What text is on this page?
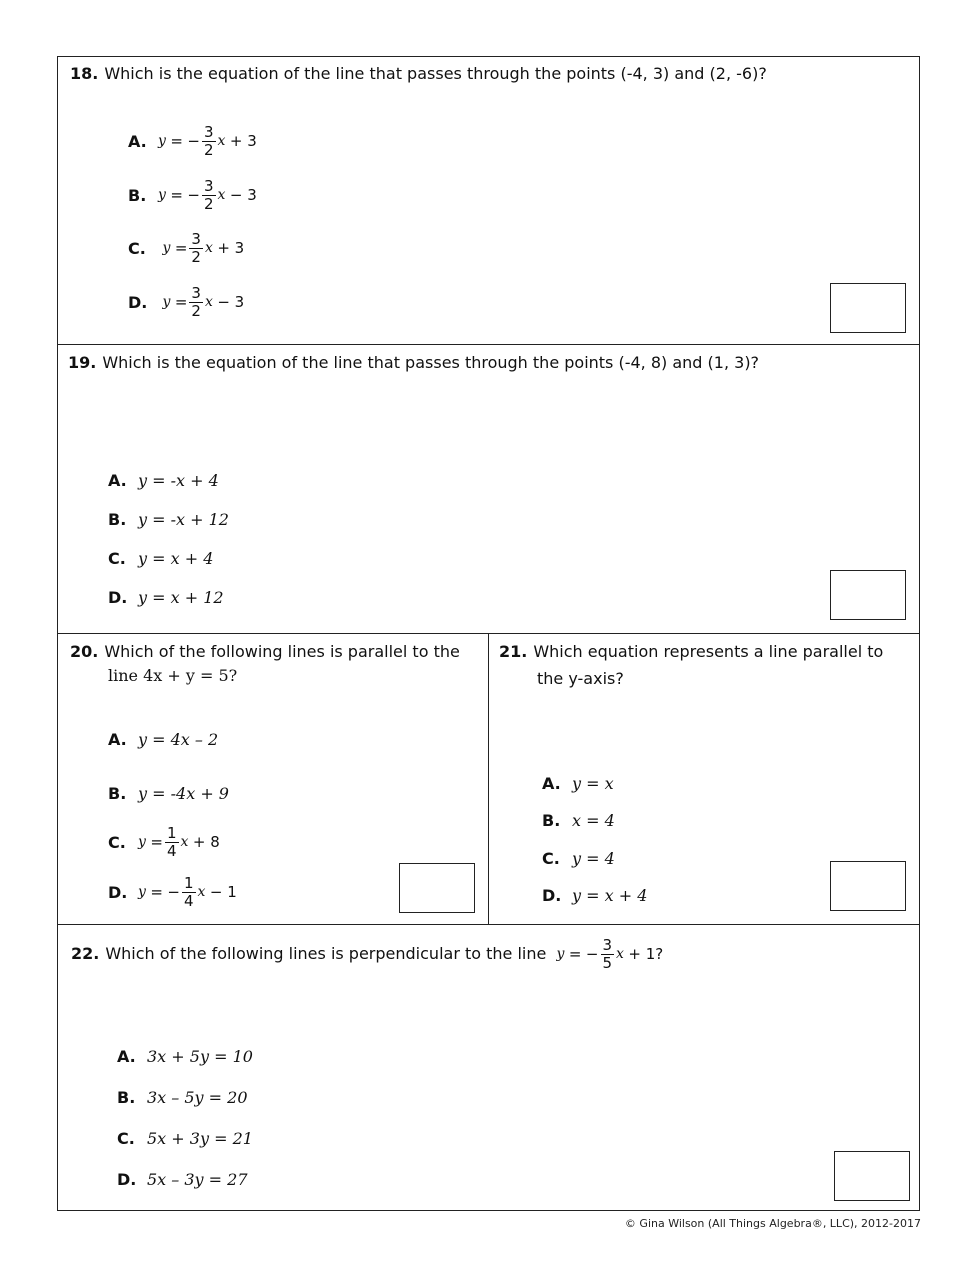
18. Which is the equation of the line that passes through the points (-4, 3) and (2, -6)?
A. y
=
− $\frac{3}{2}$ x
+ 3
B. y
=
− $\frac{3}{2}$ x
− 3
C.
	y
= $\frac{3}{2}$ x
+ 3
D.
	y
= $\frac{3}{2}$ x
− 3
19. Which is the equation of the line that passes through the points (-4, 8) and (1, 3)?
A. y = -x + 4
B. y = -x + 12
C. y = x + 4
D. y = x + 12
20. Which of the following lines is parallel to the
line 4x + y = 5?
A. y = 4x – 2
B. y = -4x + 9
C. y
= $\frac{1}{4}$ x
+ 8
D. y
=
− $\frac{1}{4}$ x
− 1
21. Which equation represents a line parallel to
the y-axis?
A. y = x
B. x = 4
C. y = 4
D. y = x + 4
22. Which of the following lines is perpendicular to the line
y
=
− $\frac{3}{5}$ x
+ 1 ?
A. 3x + 5y = 10
B. 3x – 5y = 20
C. 5x + 3y = 21
D. 5x – 3y = 27
© Gina Wilson (All Things Algebra®, LLC), 2012-2017
